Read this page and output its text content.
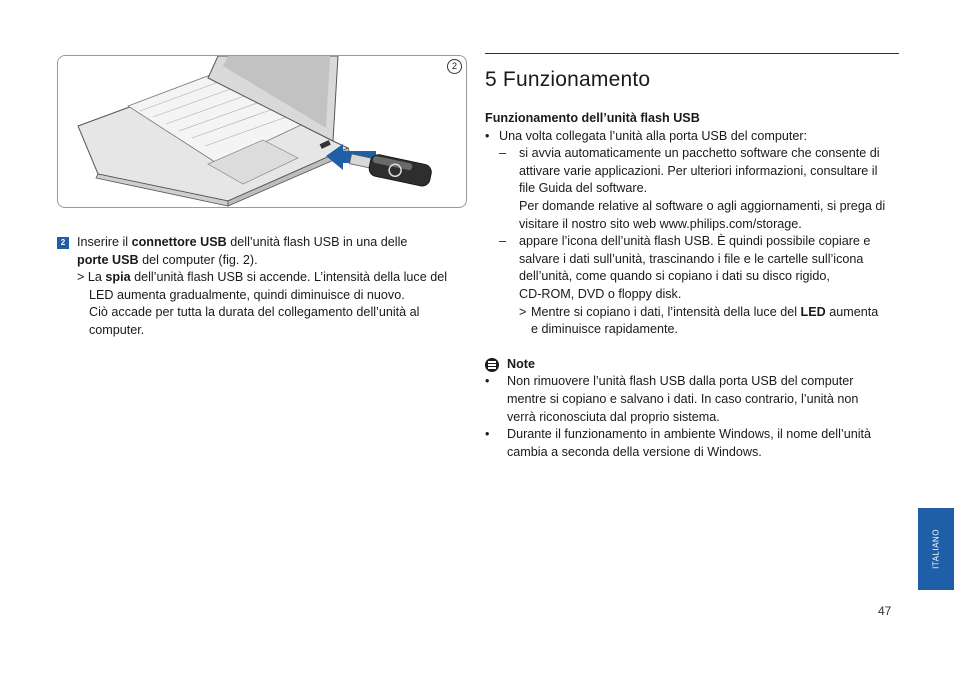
2
2 Inserire il connettore USB dell’unità flash USB in una delle
porte USB del computer (fig. 2).
> La spia dell’unità flash USB si accende. L’intensità della luce del
LED aumenta gradualmente, quindi diminuisce di nuovo.
Ciò accade per tutta la durata del collegamento dell’unità al
computer.
5 Funzionamento
Funzionamento dell’unità flash USB
• Una volta collegata l’unità alla porta USB del computer:
–	si avvia automaticamente un pacchetto software che consente di
attivare varie applicazioni. Per ulteriori informazioni, consultare il
file Guida del software.
Per domande relative al software o agli aggiornamenti, si prega di
visitare il nostro sito web www.philips.com/storage.
–	appare l’icona dell’unità flash USB. È quindi possibile copiare e
salvare i dati sull’unità, trascinando i file e le cartelle sull’icona
dell’unità, come quando si copiano i dati su disco rigido,
CD-ROM, DVD o floppy disk.
> Mentre si copiano i dati, l’intensità della luce del LED aumenta
e diminuisce rapidamente.
Note
•	Non rimuovere l’unità flash USB dalla porta USB del computer
mentre si copiano e salvano i dati. In caso contrario, l’unità non
verrà riconosciuta dal proprio sistema.
•	Durante il funzionamento in ambiente Windows, il nome dell’unità
cambia a seconda della versione di Windows.
ITALIANO
47
